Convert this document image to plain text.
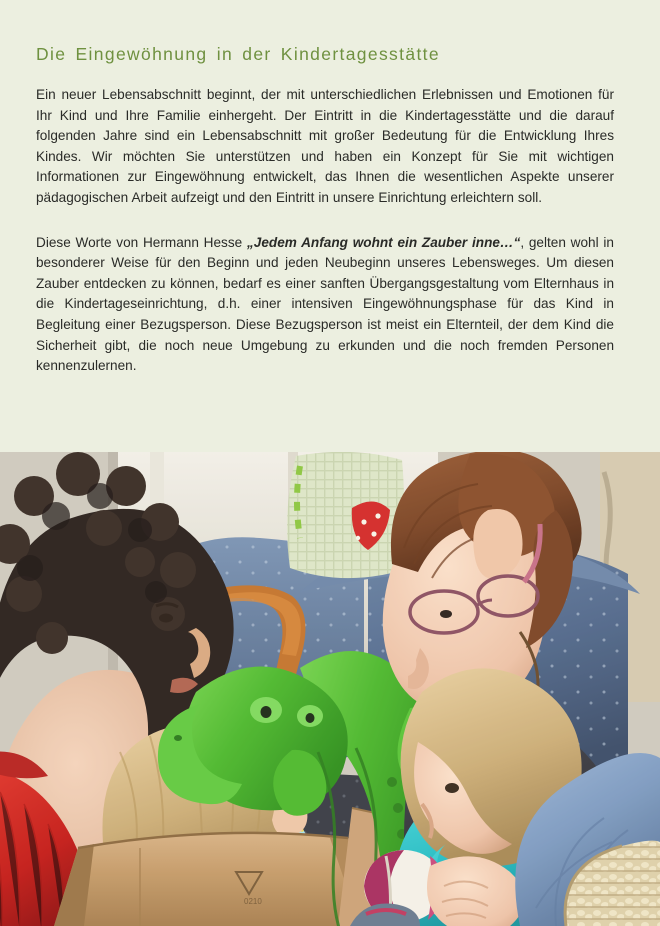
Die Eingewöhnung in der Kindertagesstätte

Ein neuer Lebensabschnitt beginnt, der mit unterschiedlichen Erlebnissen und Emotionen für Ihr Kind und Ihre Familie einhergeht. Der Eintritt in die Kindertagesstätte und die darauf folgenden Jahre sind ein Lebensabschnitt mit großer Bedeutung für die Entwicklung Ihres Kindes. Wir möchten Sie unterstützen und haben ein Konzept für Sie mit wichtigen Informationen zur Eingewöhnung entwickelt, das Ihnen die wesentlichen Aspekte unserer pädagogischen Arbeit aufzeigt und den Eintritt in unsere Einrichtung erleichtern soll.

Diese Worte von Hermann Hesse „Jedem Anfang wohnt ein Zauber inne…“, gelten wohl in besonderer Weise für den Beginn und jeden Neubeginn unseres Lebensweges. Um diesen Zauber entdecken zu können, bedarf es einer sanften Übergangsgestaltung vom Elternhaus in die Kindertageseinrichtung, d.h. einer intensiven Eingewöhnungsphase für das Kind in Begleitung einer Bezugsperson. Diese Bezugsperson ist meist ein Elternteil, der dem Kind die Sicherheit gibt, die noch neue Umgebung zu erkunden und die noch fremden Personen kennenzulernen.

0210
